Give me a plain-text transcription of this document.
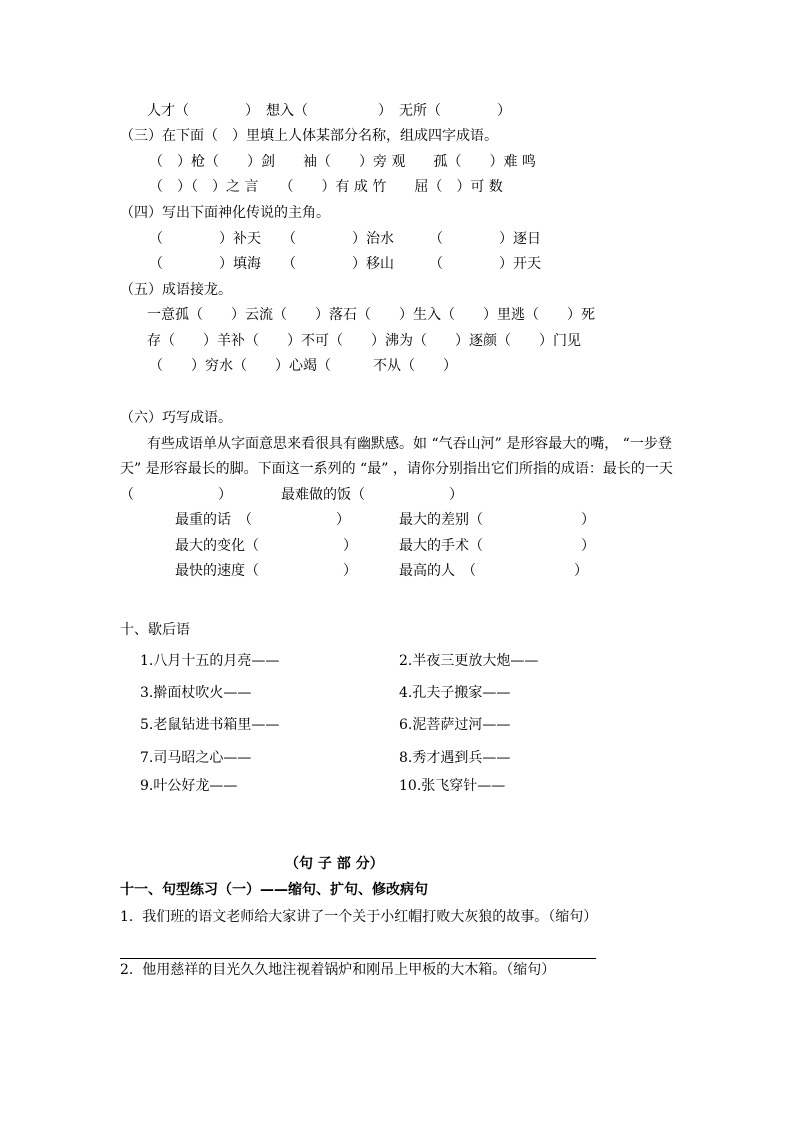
人才（　　　　）　想入（　　　　　）　无所（　　　　）
（三）在下面（　）里填上人体某部分名称，组成四字成语。
（　）枪（　　）剑　　袖（　　）旁 观　　孤（　　）难 鸣
（　）（　）之 言　　（　　）有 成 竹　　屈（　）可 数
（四）写出下面神化传说的主角。
（　　　　）补天　　（　　　　）治水　　　（　　　　）逐日
（　　　　）填海　　（　　　　）移山　　　（　　　　）开天
（五）成语接龙。
一意孤（　　）云流（　　）落石（　　）生入（　　）里逃（　　）死
存（　　）羊补（　　）不可（　　）沸为（　　）逐颜（　　）门见
（　　）穷水（　　）心竭（　　　不从（　　）
（六）巧写成语。
有些成语单从字面意思来看很具有幽默感。如 “气吞山河” 是形容最大的嘴， “一步登
天” 是形容最长的脚。下面这一系列的 “最” ，请你分别指出它们所指的成语：最长的一天
（　　　　　　）　　　　最难做的饭（　　　　　　）
最重的话　（　　　　　　）	最大的差别（　　　　　　　）
最大的变化（　　　　　　）	最大的手术（　　　　　　　）
最快的速度（　　　　　　）	最高的人　（　　　　　　　）
十、歇后语
1.八月十五的月亮——	2.半夜三更放大炮——
3.擀面杖吹火——	4.孔夫子搬家——
5.老鼠钻进书箱里——	6.泥菩萨过河——
7.司马昭之心——	8.秀才遇到兵——
9.叶公好龙——	10.张飞穿针——
（句 子 部 分）
十一、句型练习（一）——缩句、扩句、修改病句
1.  我们班的语文老师给大家讲了一个关于小红帽打败大灰狼的故事。（缩句）
2.  他用慈祥的目光久久地注视着锅炉和刚吊上甲板的大木箱。（缩句）
